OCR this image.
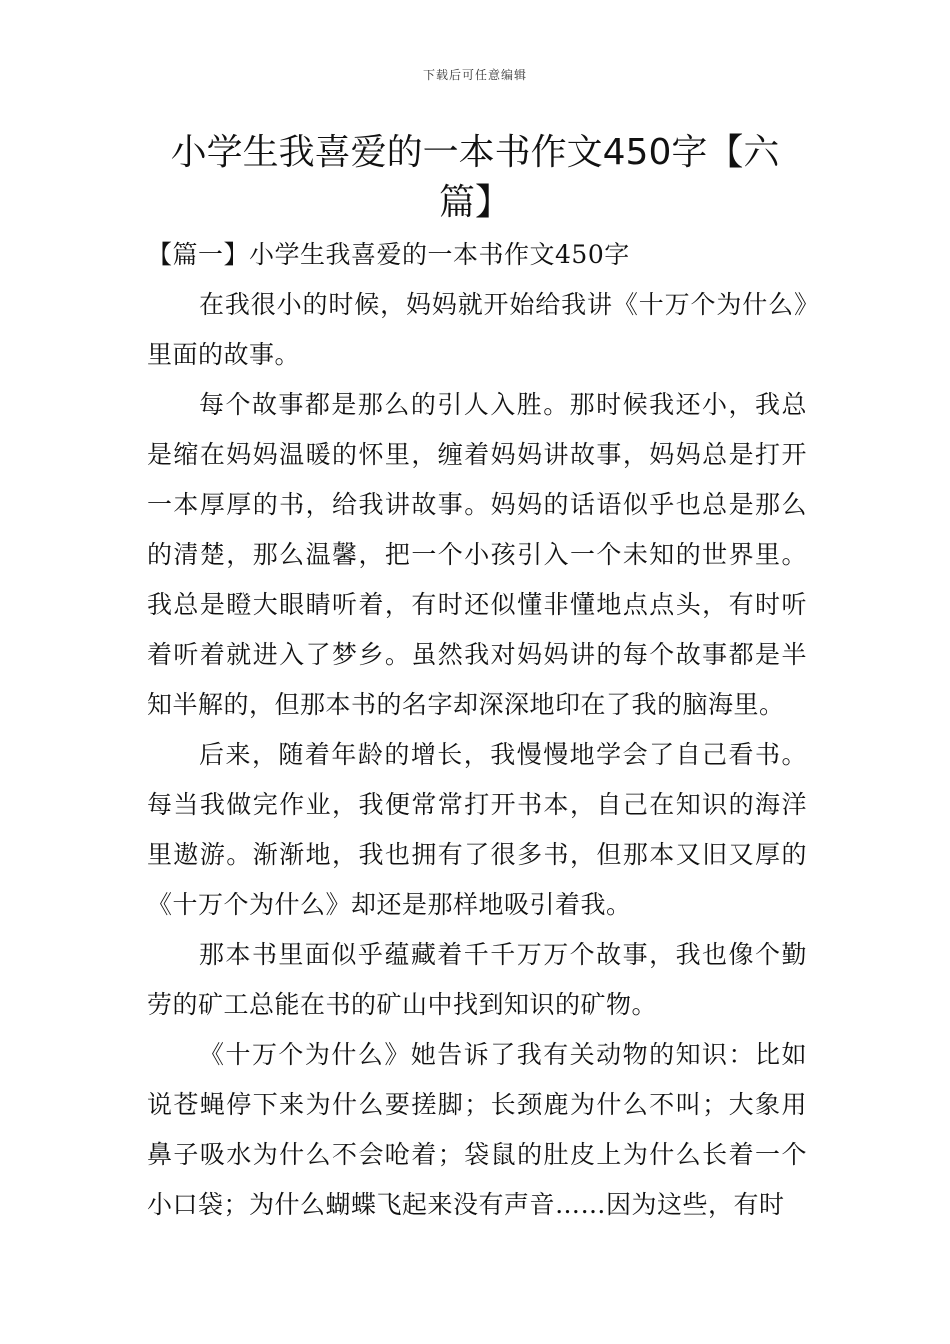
下载后可任意编辑
小学生我喜爱的一本书作文450字【六篇】

【篇一】小学生我喜爱的一本书作文450字

在我很小的时候，妈妈就开始给我讲《十万个为什么》里面的故事。

每个故事都是那么的引人入胜。那时候我还小，我总是缩在妈妈温暖的怀里，缠着妈妈讲故事，妈妈总是打开一本厚厚的书，给我讲故事。妈妈的话语似乎也总是那么的清楚，那么温馨，把一个小孩引入一个未知的世界里。我总是瞪大眼睛听着，有时还似懂非懂地点点头，有时听着听着就进入了梦乡。虽然我对妈妈讲的每个故事都是半知半解的，但那本书的名字却深深地印在了我的脑海里。

后来，随着年龄的增长，我慢慢地学会了自己看书。每当我做完作业，我便常常打开书本，自己在知识的海洋里遨游。渐渐地，我也拥有了很多书，但那本又旧又厚的《十万个为什么》却还是那样地吸引着我。

那本书里面似乎蕴藏着千千万万个故事，我也像个勤劳的矿工总能在书的矿山中找到知识的矿物。

《十万个为什么》她告诉了我有关动物的知识：比如说苍蝇停下来为什么要搓脚；长颈鹿为什么不叫；大象用鼻子吸水为什么不会呛着；袋鼠的肚皮上为什么长着一个小口袋；为什么蝴蝶飞起来没有声音……因为这些，有时
